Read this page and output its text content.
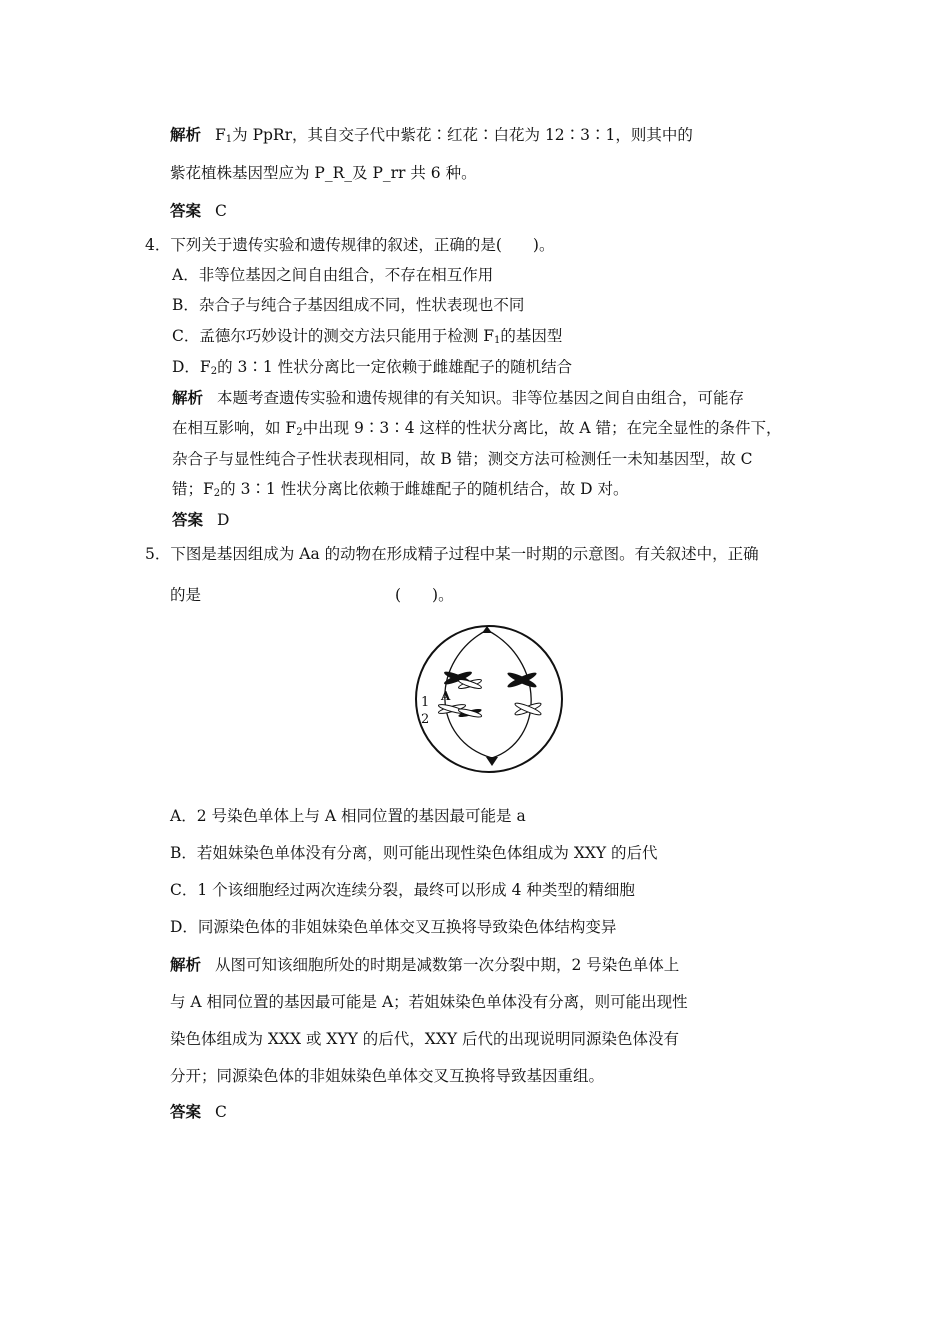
解析 $F_1$为 PpRr，其自交子代中紫花∶红花∶白花为 12∶3∶1，则其中的
紫花植株基因型应为 P_R_及 P_rr 共 6 种。
答案 C
4．下列关于遗传实验和遗传规律的叙述，正确的是(　　)。
A．非等位基因之间自由组合，不存在相互作用
B．杂合子与纯合子基因组成不同，性状表现也不同
C．孟德尔巧妙设计的测交方法只能用于检测 $F_1$的基因型
D．$F_2$的 3∶1 性状分离比一定依赖于雌雄配子的随机结合
解析 本题考查遗传实验和遗传规律的有关知识。非等位基因之间自由组合，可能存
在相互影响，如 $F_2$中出现 9∶3∶4 这样的性状分离比，故 A 错；在完全显性的条件下，
杂合子与显性纯合子性状表现相同，故 B 错；测交方法可检测任一未知基因型，故 C
错；$F_2$的 3∶1 性状分离比依赖于雌雄配子的随机结合，故 D 对。
答案 D
5．下图是基因组成为 Aa 的动物在形成精子过程中某一时期的示意图。有关叙述中，正确
的是	(　　)。
1 A
2
A．2 号染色单体上与 A 相同位置的基因最可能是 a
B．若姐妹染色单体没有分离，则可能出现性染色体组成为 XXY 的后代
C．1 个该细胞经过两次连续分裂，最终可以形成 4 种类型的精细胞
D．同源染色体的非姐妹染色单体交叉互换将导致染色体结构变异
解析 从图可知该细胞所处的时期是减数第一次分裂中期，2 号染色单体上
与 A 相同位置的基因最可能是 A；若姐妹染色单体没有分离，则可能出现性
染色体组成为 XXX 或 XYY 的后代，XXY 后代的出现说明同源染色体没有
分开；同源染色体的非姐妹染色单体交叉互换将导致基因重组。
答案 C
